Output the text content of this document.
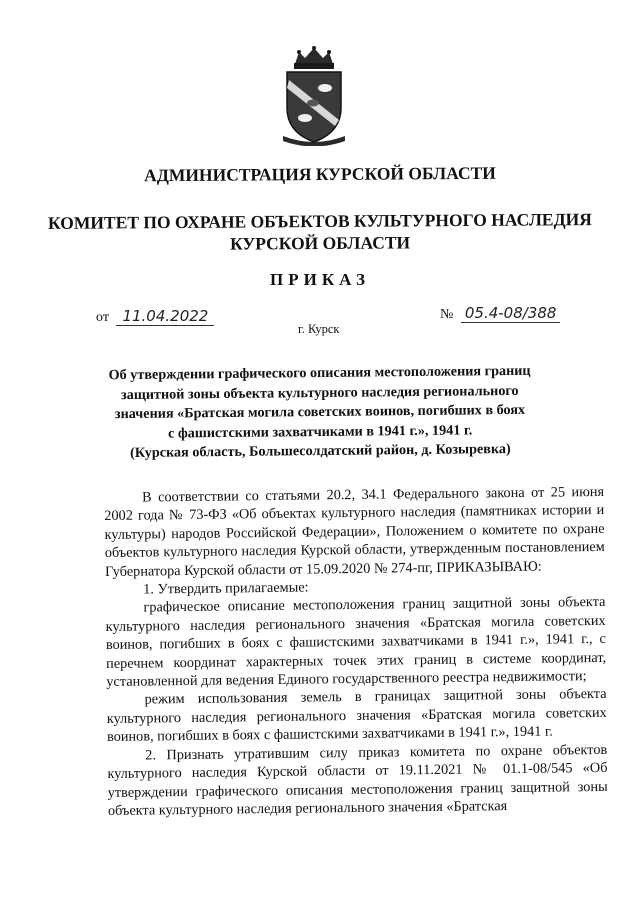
АДМИНИСТРАЦИЯ КУРСКОЙ ОБЛАСТИ
КОМИТЕТ ПО ОХРАНЕ ОБЪЕКТОВ КУЛЬТУРНОГО НАСЛЕДИЯ
КУРСКОЙ ОБЛАСТИ
ПРИКАЗ
от 11.04.2022	№ 05.4-08/388
г. Курск
Об утверждении графического описания местоположения границ
защитной зоны объекта культурного наследия регионального
значения «Братская могила советских воинов, погибших в боях
с фашистскими захватчиками в 1941 г.», 1941 г.
(Курская область, Большесолдатский район, д. Козыревка)

В соответствии со статьями 20.2, 34.1 Федерального закона от 25 июня 2002 года № 73-ФЗ «Об объектах культурного наследия (памятниках истории и культуры) народов Российской Федерации», Положением о комитете по охране объектов культурного наследия Курской области, утвержденным постановлением Губернатора Курской области от 15.09.2020 № 274-пг, ПРИКАЗЫВАЮ:

1. Утвердить прилагаемые:

графическое описание местоположения границ защитной зоны объекта культурного наследия регионального значения «Братская могила советских воинов, погибших в боях с фашистскими захватчиками в 1941 г.», 1941 г., с перечнем координат характерных точек этих границ в системе координат, установленной для ведения Единого государственного реестра недвижимости;

режим использования земель в границах защитной зоны объекта культурного наследия регионального значения «Братская могила советских воинов, погибших в боях с фашистскими захватчиками в 1941 г.», 1941 г.

2. Признать утратившим силу приказ комитета по охране объектов культурного наследия Курской области от 19.11.2021 № 01.1-08/545 «Об утверждении графического описания местоположения границ защитной зоны объекта культурного наследия регионального значения «Братская
